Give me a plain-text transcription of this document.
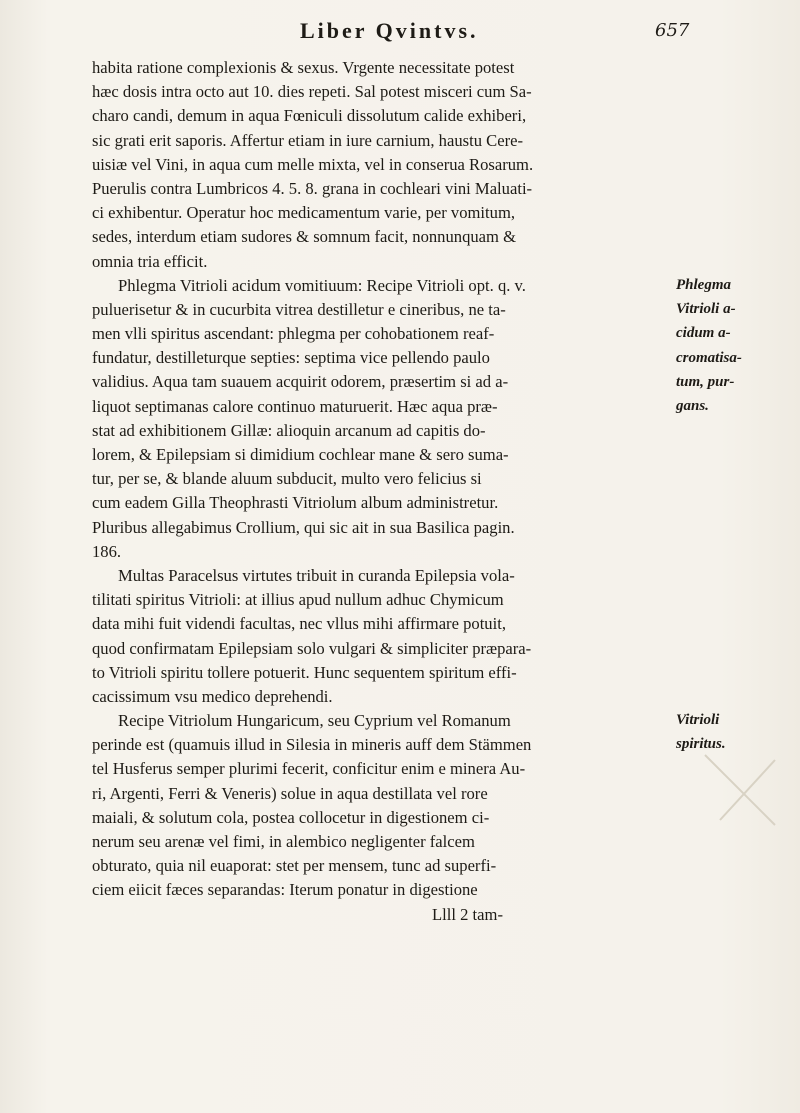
Liber Qvintvs.	657
habita ratione complexionis & sexus. Vrgente necessitate potest
hæc dosis intra octo aut 10. dies repeti. Sal potest misceri cum Sa-
charo candi, demum in aqua Fœniculi dissolutum calide exhiberi,
sic grati erit saporis. Affertur etiam in iure carnium, haustu Cere-
uisiæ vel Vini, in aqua cum melle mixta, vel in conserua Rosarum.
Puerulis contra Lumbricos 4. 5. 8. grana in cochleari vini Maluati-
ci exhibentur. Operatur hoc medicamentum varie, per vomitum,
sedes, interdum etiam sudores & somnum facit, nonnunquam &
omnia tria efficit.
Phlegma Vitrioli acidum vomitiuum: Recipe Vitrioli opt. q. v.
puluerisetur & in cucurbita vitrea destilletur e cineribus, ne ta-
men vlli spiritus ascendant: phlegma per cohobationem reaf-
fundatur, destilleturque septies: septima vice pellendo paulo
validius. Aqua tam suauem acquirit odorem, præsertim si ad a-
liquot septimanas calore continuo maturuerit. Hæc aqua præ-
stat ad exhibitionem Gillæ: alioquin arcanum ad capitis do-
lorem, & Epilepsiam si dimidium cochlear mane & sero suma-
tur, per se, & blande aluum subducit, multo vero felicius si
cum eadem Gilla Theophrasti Vitriolum album administretur.
Pluribus allegabimus Crollium, qui sic ait in sua Basilica pagin.
186.
Multas Paracelsus virtutes tribuit in curanda Epilepsia vola-
tilitati spiritus Vitrioli: at illius apud nullum adhuc Chymicum
data mihi fuit videndi facultas, nec vllus mihi affirmare potuit,
quod confirmatam Epilepsiam solo vulgari & simpliciter præpara-
to Vitrioli spiritu tollere potuerit. Hunc sequentem spiritum effi-
cacissimum vsu medico deprehendi.
Recipe Vitriolum Hungaricum, seu Cyprium vel Romanum
perinde est (quamuis illud in Silesia in mineris auff dem Stämmen
tel Husferus semper plurimi fecerit, conficitur enim e minera Au-
ri, Argenti, Ferri & Veneris) solue in aqua destillata vel rore
maiali, & solutum cola, postea collocetur in digestionem ci-
nerum seu arenæ vel fimi, in alembico negligenter falcem
obturato, quia nil euaporat: stet per mensem, tunc ad superfi-
ciem eiicit fæces separandas: Iterum ponatur in digestione
Llll 2 tam-
Phlegma
Vitrioli a-
cidum a-
cromatisa-
tum, pur-
gans.
Vitrioli
spiritus.
